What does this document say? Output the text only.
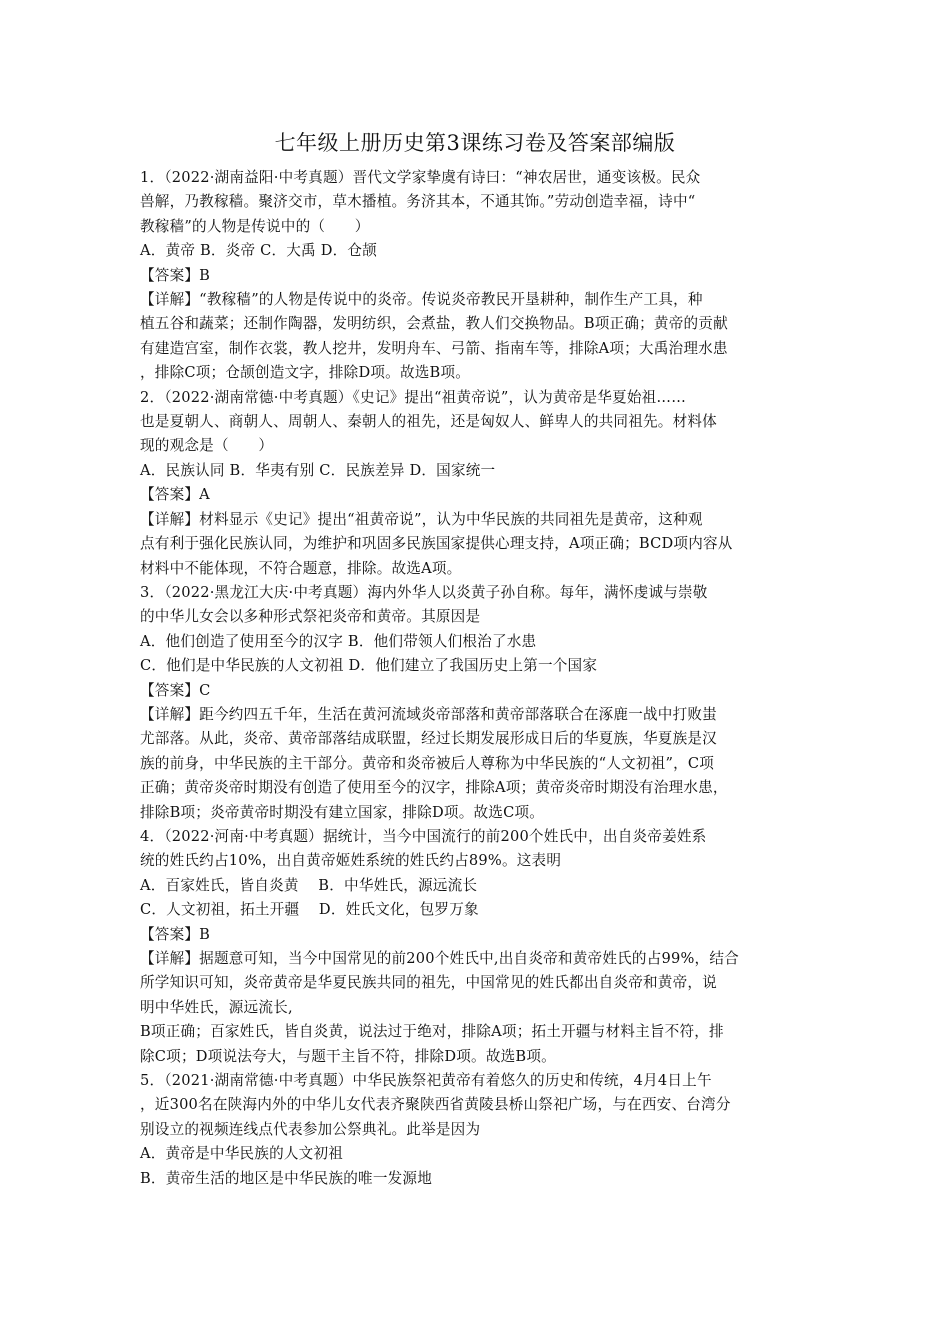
七年级上册历史第3课练习卷及答案部编版
1．（2022·湖南益阳·中考真题）晋代文学家挚虞有诗曰：“神农居世，通变该极。民众
兽解，乃教稼穑。聚济交市，草木播植。务济其本，不通其饰。”劳动创造幸福，诗中“
教稼穑”的人物是传说中的（　　）
A．黄帝 B．炎帝 C．大禹 D．仓颉
【答案】B
【详解】“教稼穑”的人物是传说中的炎帝。传说炎帝教民开垦耕种，制作生产工具，种
植五谷和蔬菜；还制作陶器，发明纺织，会煮盐，教人们交换物品。B项正确；黄帝的贡献
有建造宫室，制作衣裳，教人挖井，发明舟车、弓箭、指南车等，排除A项；大禹治理水患
，排除C项；仓颉创造文字，排除D项。故选B项。
2．（2022·湖南常德·中考真题）《史记》提出“祖黄帝说”，认为黄帝是华夏始祖……
也是夏朝人、商朝人、周朝人、秦朝人的祖先，还是匈奴人、鲜卑人的共同祖先。材料体
现的观念是（　　）
A．民族认同 B．华夷有别 C．民族差异 D．国家统一
【答案】A
【详解】材料显示《史记》提出“祖黄帝说”，认为中华民族的共同祖先是黄帝，这种观
点有利于强化民族认同，为维护和巩固多民族国家提供心理支持，A项正确；BCD项内容从
材料中不能体现，不符合题意，排除。故选A项。
3．（2022·黑龙江大庆·中考真题）海内外华人以炎黄子孙自称。每年，满怀虔诚与崇敬
的中华儿女会以多种形式祭祀炎帝和黄帝。其原因是
A．他们创造了使用至今的汉字 B．他们带领人们根治了水患
C．他们是中华民族的人文初祖 D．他们建立了我国历史上第一个国家
【答案】C
【详解】距今约四五千年，生活在黄河流域炎帝部落和黄帝部落联合在涿鹿一战中打败蚩
尤部落。从此，炎帝、黄帝部落结成联盟，经过长期发展形成日后的华夏族，华夏族是汉
族的前身，中华民族的主干部分。黄帝和炎帝被后人尊称为中华民族的“人文初祖”，C项
正确；黄帝炎帝时期没有创造了使用至今的汉字，排除A项；黄帝炎帝时期没有治理水患，
排除B项；炎帝黄帝时期没有建立国家，排除D项。故选C项。
4．（2022·河南·中考真题）据统计，当今中国流行的前200个姓氏中，出自炎帝姜姓系
统的姓氏约占10%，出自黄帝姬姓系统的姓氏约占89%。这表明
A．百家姓氏，皆自炎黄　 B．中华姓氏，源远流长
C．人文初祖，拓土开疆　 D．姓氏文化，包罗万象
【答案】B
【详解】据题意可知，当今中国常见的前200个姓氏中,出自炎帝和黄帝姓氏的占99%，结合
所学知识可知，炎帝黄帝是华夏民族共同的祖先，中国常见的姓氏都出自炎帝和黄帝，说
明中华姓氏，源远流长,
B项正确；百家姓氏，皆自炎黄，说法过于绝对，排除A项；拓土开疆与材料主旨不符，排
除C项；D项说法夸大，与题干主旨不符，排除D项。故选B项。
5．（2021·湖南常德·中考真题）中华民族祭祀黄帝有着悠久的历史和传统，4月4日上午
，近300名在陕海内外的中华儿女代表齐聚陕西省黄陵县桥山祭祀广场，与在西安、台湾分
别设立的视频连线点代表参加公祭典礼。此举是因为
A．黄帝是中华民族的人文初祖
B．黄帝生活的地区是中华民族的唯一发源地
